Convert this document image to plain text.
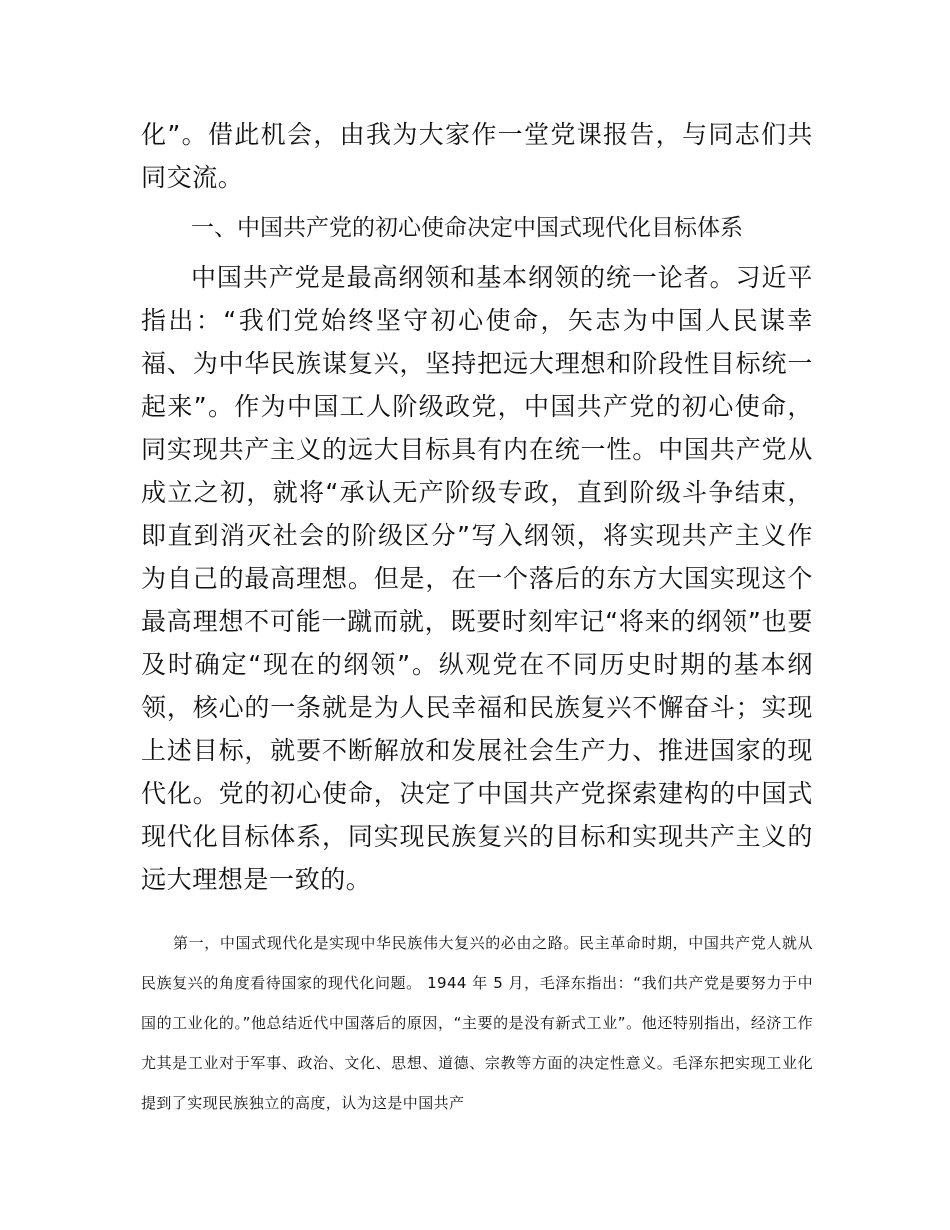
化”。借此机会，由我为大家作一堂党课报告，与同志们共同交流。

一、中国共产党的初心使命决定中国式现代化目标体系

中国共产党是最高纲领和基本纲领的统一论者。习近平指出：“我们党始终坚守初心使命，矢志为中国人民谋幸福、为中华民族谋复兴，坚持把远大理想和阶段性目标统一起来”。作为中国工人阶级政党，中国共产党的初心使命，同实现共产主义的远大目标具有内在统一性。中国共产党从成立之初，就将“承认无产阶级专政，直到阶级斗争结束，即直到消灭社会的阶级区分”写入纲领，将实现共产主义作为自己的最高理想。但是，在一个落后的东方大国实现这个最高理想不可能一蹴而就，既要时刻牢记“将来的纲领”也要及时确定“现在的纲领”。纵观党在不同历史时期的基本纲领，核心的一条就是为人民幸福和民族复兴不懈奋斗；实现上述目标，就要不断解放和发展社会生产力、推进国家的现代化。党的初心使命，决定了中国共产党探索建构的中国式现代化目标体系，同实现民族复兴的目标和实现共产主义的远大理想是一致的。

第一，中国式现代化是实现中华民族伟大复兴的必由之路。民主革命时期，中国共产党人就从民族复兴的角度看待国家的现代化问题。 1944 年 5 月，毛泽东指出：“我们共产党是要努力于中国的工业化的。”他总结近代中国落后的原因，“主要的是没有新式工业”。他还特别指出，经济工作尤其是工业对于军事、政治、文化、思想、道德、宗教等方面的决定性意义。毛泽东把实现工业化提到了实现民族独立的高度，认为这是中国共产
